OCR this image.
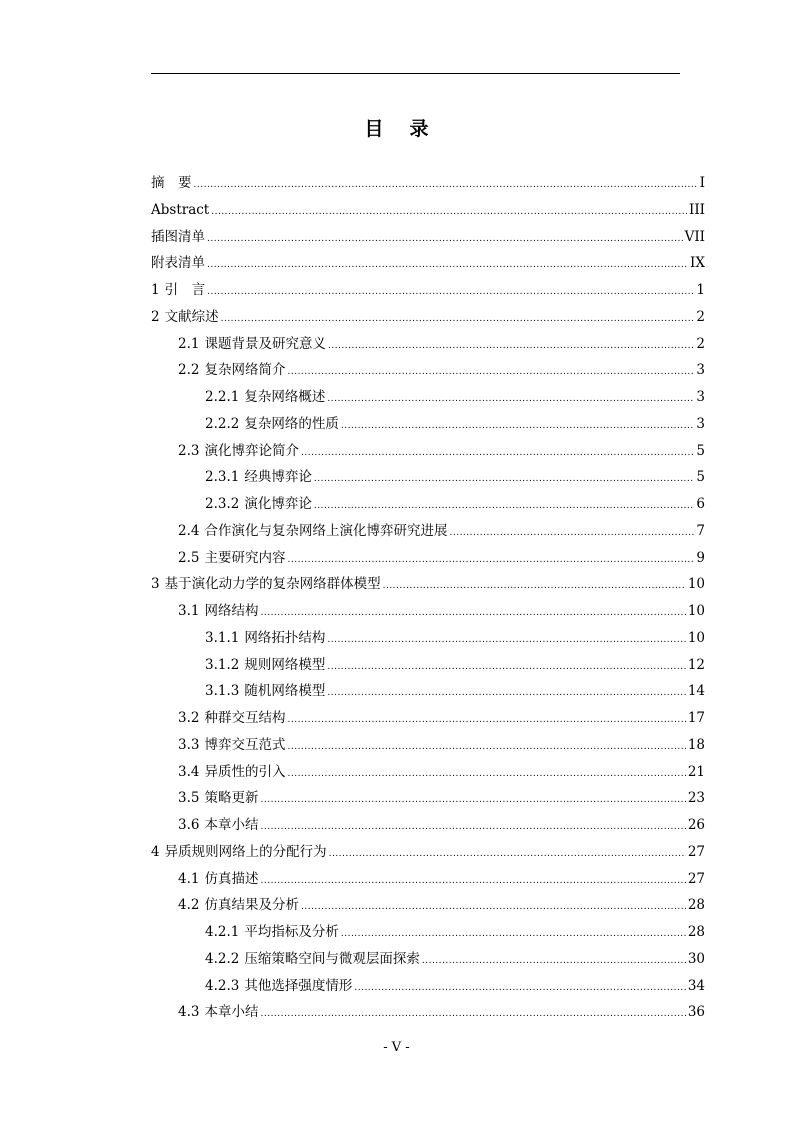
目录
摘　要 .....	I
Abstract .....	III
插图清单 .....	VII
附表清单 .....	IX
1 引　言 .....	1
2 文献综述 .....	2
2.1 课题背景及研究意义 .....	2
2.2 复杂网络简介 .....	3
2.2.1 复杂网络概述 .....	3
2.2.2 复杂网络的性质 .....	3
2.3 演化博弈论简介 .....	5
2.3.1 经典博弈论 .....	5
2.3.2 演化博弈论 .....	6
2.4 合作演化与复杂网络上演化博弈研究进展 .....	7
2.5 主要研究内容 .....	9
3 基于演化动力学的复杂网络群体模型 .....	10
3.1 网络结构 .....	10
3.1.1 网络拓扑结构 .....	10
3.1.2 规则网络模型 .....	12
3.1.3 随机网络模型 .....	14
3.2 种群交互结构 .....	17
3.3 博弈交互范式 .....	18
3.4 异质性的引入 .....	21
3.5 策略更新 .....	23
3.6 本章小结 .....	26
4 异质规则网络上的分配行为 .....	27
4.1 仿真描述 .....	27
4.2 仿真结果及分析 .....	28
4.2.1 平均指标及分析 .....	28
4.2.2 压缩策略空间与微观层面探索 .....	30
4.2.3 其他选择强度情形 .....	34
4.3 本章小结 .....	36
- V -
